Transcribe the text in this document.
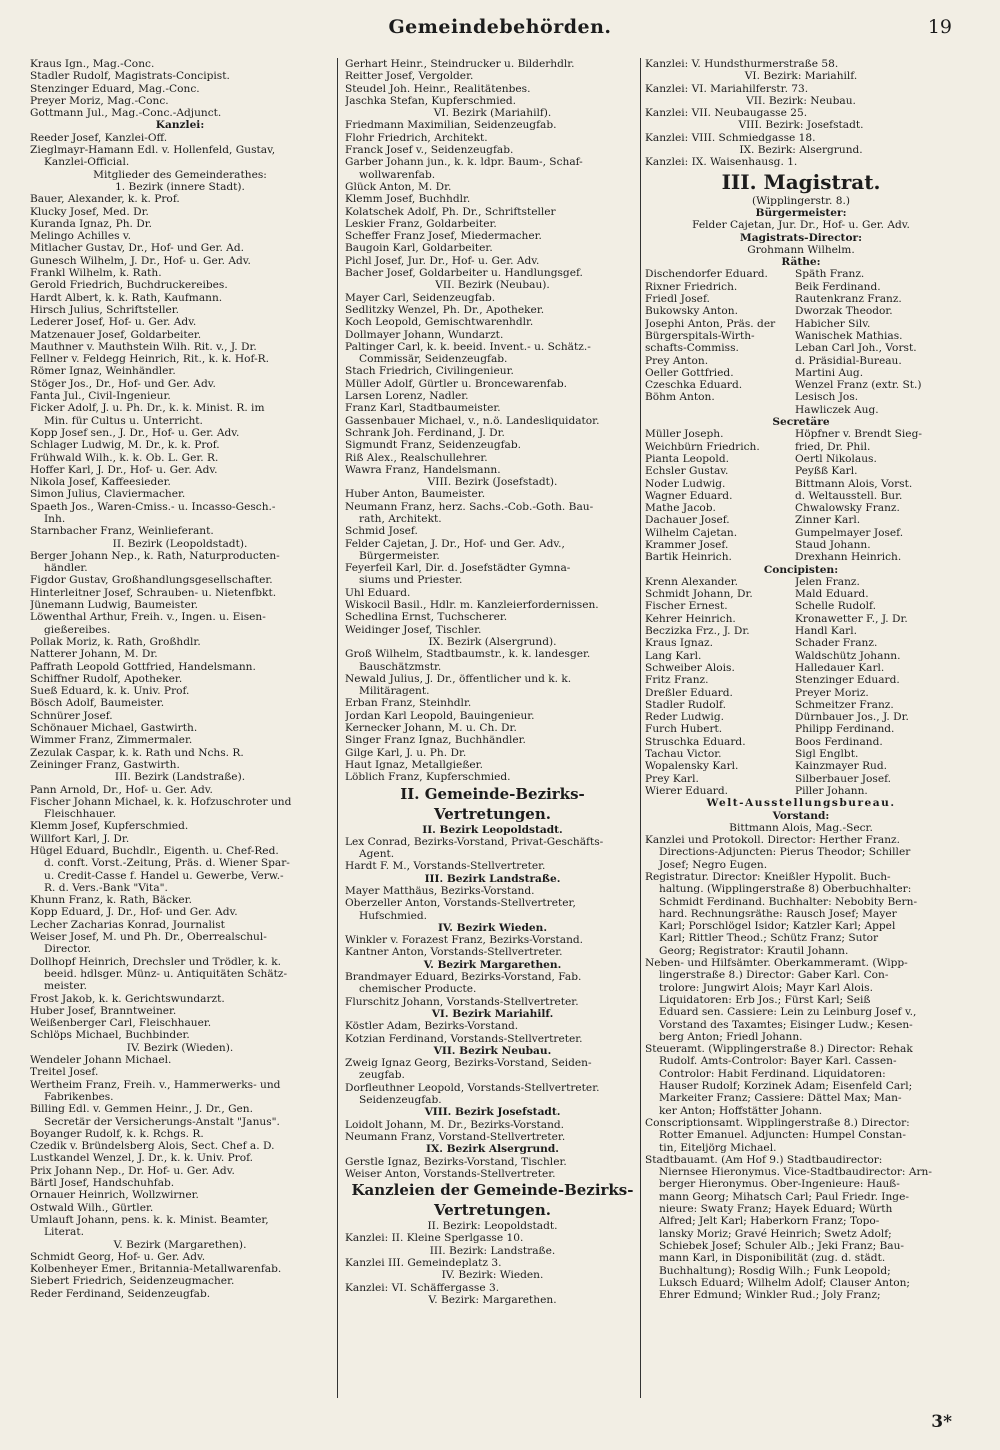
Gemeindebehörden.	19
Kraus Ign., Mag.-Conc.
Stadler Rudolf, Magistrats-Concipist.
Stenzinger Eduard, Mag.-Conc.
Preyer Moriz, Mag.-Conc.
Gottmann Jul., Mag.-Conc.-Adjunct.
Kanzlei:
Reeder Josef, Kanzlei-Off.
Zieglmayr-Hamann Edl. v. Hollenfeld, Gustav,
Kanzlei-Official.
Mitglieder des Gemeinderathes:
1. Bezirk (innere Stadt).
Bauer, Alexander, k. k. Prof.
Klucky Josef, Med. Dr.
Kuranda Ignaz, Ph. Dr.
Melingo Achilles v.
Mitlacher Gustav, Dr., Hof- und Ger. Ad.
Gunesch Wilhelm, J. Dr., Hof- u. Ger. Adv.
Frankl Wilhelm, k. Rath.
Gerold Friedrich, Buchdruckereibes.
Hardt Albert, k. k. Rath, Kaufmann.
Hirsch Julius, Schriftsteller.
Lederer Josef, Hof- u. Ger. Adv.
Matzenauer Josef, Goldarbeiter.
Mauthner v. Mauthstein Wilh. Rit. v., J. Dr.
Fellner v. Feldegg Heinrich, Rit., k. k. Hof-R.
Römer Ignaz, Weinhändler.
Stöger Jos., Dr., Hof- und Ger. Adv.
Fanta Jul., Civil-Ingenieur.
Ficker Adolf, J. u. Ph. Dr., k. k. Minist. R. im
Min. für Cultus u. Unterricht.
Kopp Josef sen., J. Dr., Hof- u. Ger. Adv.
Schlager Ludwig, M. Dr., k. k. Prof.
Frühwald Wilh., k. k. Ob. L. Ger. R.
Hoffer Karl, J. Dr., Hof- u. Ger. Adv.
Nikola Josef, Kaffeesieder.
Simon Julius, Claviermacher.
Spaeth Jos., Waren-Cmiss.- u. Incasso-Gesch.-
Inh.
Starnbacher Franz, Weinlieferant.
II. Bezirk (Leopoldstadt).
Berger Johann Nep., k. Rath, Naturproducten-
händler.
Figdor Gustav, Großhandlungsgesellschafter.
Hinterleitner Josef, Schrauben- u. Nietenfbkt.
Jünemann Ludwig, Baumeister.
Löwenthal Arthur, Freih. v., Ingen. u. Eisen-
gießereibes.
Pollak Moriz, k. Rath, Großhdlr.
Natterer Johann, M. Dr.
Paffrath Leopold Gottfried, Handelsmann.
Schiffner Rudolf, Apotheker.
Sueß Eduard, k. k. Univ. Prof.
Bösch Adolf, Baumeister.
Schnürer Josef.
Schönauer Michael, Gastwirth.
Wimmer Franz, Zimmermaler.
Zezulak Caspar, k. k. Rath und Nchs. R.
Zeininger Franz, Gastwirth.
III. Bezirk (Landstraße).
Pann Arnold, Dr., Hof- u. Ger. Adv.
Fischer Johann Michael, k. k. Hofzuschroter und
Fleischhauer.
Klemm Josef, Kupferschmied.
Willfort Karl, J. Dr.
Hügel Eduard, Buchdlr., Eigenth. u. Chef-Red.
d. conft. Vorst.-Zeitung, Präs. d. Wiener Spar-
u. Credit-Casse f. Handel u. Gewerbe, Verw.-
R. d. Vers.-Bank "Vita".
Khunn Franz, k. Rath, Bäcker.
Kopp Eduard, J. Dr., Hof- und Ger. Adv.
Lecher Zacharias Konrad, Journalist
Weiser Josef, M. und Ph. Dr., Oberrealschul-
Director.
Dollhopf Heinrich, Drechsler und Trödler, k. k.
beeid. hdlsger. Münz- u. Antiquitäten Schätz-
meister.
Frost Jakob, k. k. Gerichtswundarzt.
Huber Josef, Branntweiner.
Weißenberger Carl, Fleischhauer.
Schlöps Michael, Buchbinder.
IV. Bezirk (Wieden).
Wendeler Johann Michael.
Treitel Josef.
Wertheim Franz, Freih. v., Hammerwerks- und
Fabrikenbes.
Billing Edl. v. Gemmen Heinr., J. Dr., Gen.
Secretär der Versicherungs-Anstalt "Janus".
Boyanger Rudolf, k. k. Rchgs. R.
Czedik v. Bründelsberg Alois, Sect. Chef a. D.
Lustkandel Wenzel, J. Dr., k. k. Univ. Prof.
Prix Johann Nep., Dr. Hof- u. Ger. Adv.
Bärtl Josef, Handschuhfab.
Ornauer Heinrich, Wollzwirner.
Ostwald Wilh., Gürtler.
Umlauft Johann, pens. k. k. Minist. Beamter,
Literat.
V. Bezirk (Margarethen).
Schmidt Georg, Hof- u. Ger. Adv.
Kolbenheyer Emer., Britannia-Metallwarenfab.
Siebert Friedrich, Seidenzeugmacher.
Reder Ferdinand, Seidenzeugfab.
Gerhart Heinr., Steindrucker u. Bilderhdlr.
Reitter Josef, Vergolder.
Steudel Joh. Heinr., Realitätenbes.
Jaschka Stefan, Kupferschmied.
VI. Bezirk (Mariahilf).
Friedmann Maximilian, Seidenzeugfab.
Flohr Friedrich, Architekt.
Franck Josef v., Seidenzeugfab.
Garber Johann jun., k. k. ldpr. Baum-, Schaf-
wollwarenfab.
Glück Anton, M. Dr.
Klemm Josef, Buchhdlr.
Kolatschek Adolf, Ph. Dr., Schriftsteller
Leskier Franz, Goldarbeiter.
Scheffer Franz Josef, Miedermacher.
Baugoin Karl, Goldarbeiter.
Pichl Josef, Jur. Dr., Hof- u. Ger. Adv.
Bacher Josef, Goldarbeiter u. Handlungsgef.
VII. Bezirk (Neubau).
Mayer Carl, Seidenzeugfab.
Sedlitzky Wenzel, Ph. Dr., Apotheker.
Koch Leopold, Gemischtwarenhdlr.
Dollmayer Johann, Wundarzt.
Paltinger Carl, k. k. beeid. Invent.- u. Schätz.-
Commissär, Seidenzeugfab.
Stach Friedrich, Civilingenieur.
Müller Adolf, Gürtler u. Broncewarenfab.
Larsen Lorenz, Nadler.
Franz Karl, Stadtbaumeister.
Gassenbauer Michael, v., n.ö. Landesliquidator.
Schrank Joh. Ferdinand, J. Dr.
Sigmundt Franz, Seidenzeugfab.
Riß Alex., Realschullehrer.
Wawra Franz, Handelsmann.
VIII. Bezirk (Josefstadt).
Huber Anton, Baumeister.
Neumann Franz, herz. Sachs.-Cob.-Goth. Bau-
rath, Architekt.
Schmid Josef.
Felder Cajetan, J. Dr., Hof- und Ger. Adv.,
Bürgermeister.
Feyerfeil Karl, Dir. d. Josefstädter Gymna-
siums und Priester.
Uhl Eduard.
Wiskocil Basil., Hdlr. m. Kanzleierfordernissen.
Schedlina Ernst, Tuchscherer.
Weidinger Josef, Tischler.
IX. Bezirk (Alsergrund).
Groß Wilhelm, Stadtbaumstr., k. k. landesger.
Bauschätzmstr.
Newald Julius, J. Dr., öffentlicher und k. k.
Militäragent.
Erban Franz, Steinhdlr.
Jordan Karl Leopold, Bauingenieur.
Kernecker Johann, M. u. Ch. Dr.
Singer Franz Ignaz, Buchhändler.
Gilge Karl, J. u. Ph. Dr.
Haut Ignaz, Metallgießer.
Löblich Franz, Kupferschmied.
II. Gemeinde-Bezirks-Vertretungen.
II. Bezirk Leopoldstadt.
Lex Conrad, Bezirks-Vorstand, Privat-Geschäfts-
Agent.
Hardt F. M., Vorstands-Stellvertreter.
III. Bezirk Landstraße.
Mayer Matthäus, Bezirks-Vorstand.
Oberzeller Anton, Vorstands-Stellvertreter,
Hufschmied.
IV. Bezirk Wieden.
Winkler v. Forazest Franz, Bezirks-Vorstand.
Kantner Anton, Vorstands-Stellvertreter.
V. Bezirk Margarethen.
Brandmayer Eduard, Bezirks-Vorstand, Fab.
chemischer Producte.
Flurschitz Johann, Vorstands-Stellvertreter.
VI. Bezirk Mariahilf.
Köstler Adam, Bezirks-Vorstand.
Kotzian Ferdinand, Vorstands-Stellvertreter.
VII. Bezirk Neubau.
Zweig Ignaz Georg, Bezirks-Vorstand, Seiden-
zeugfab.
Dorfleuthner Leopold, Vorstands-Stellvertreter.
Seidenzeugfab.
VIII. Bezirk Josefstadt.
Loidolt Johann, M. Dr., Bezirks-Vorstand.
Neumann Franz, Vorstand-Stellvertreter.
IX. Bezirk Alsergrund.
Gerstle Ignaz, Bezirks-Vorstand, Tischler.
Weiser Anton, Vorstands-Stellvertreter.
Kanzleien der Gemeinde-Bezirks-
Vertretungen.
II. Bezirk: Leopoldstadt.
Kanzlei: II. Kleine Sperlgasse 10.
III. Bezirk: Landstraße.
Kanzlei III. Gemeindeplatz 3.
IV. Bezirk: Wieden.
Kanzlei: VI. Schäffergasse 3.
V. Bezirk: Margarethen.
Kanzlei: V. Hundsthurmerstraße 58.
VI. Bezirk: Mariahilf.
Kanzlei: VI. Mariahilferstr. 73.
VII. Bezirk: Neubau.
Kanzlei: VII. Neubaugasse 25.
VIII. Bezirk: Josefstadt.
Kanzlei: VIII. Schmiedgasse 18.
IX. Bezirk: Alsergrund.
Kanzlei: IX. Waisenhausg. 1.
III. Magistrat.
(Wipplingerstr. 8.)
Bürgermeister:
Felder Cajetan, Jur. Dr., Hof- u. Ger. Adv.
Magistrats-Director:
Grohmann Wilhelm.
Räthe:
Dischendorfer Eduard.	Späth Franz.
Rixner Friedrich.	Beik Ferdinand.
Friedl Josef.	Rautenkranz Franz.
Bukowsky Anton.	Dworzak Theodor.
Josephi Anton, Präs. der	Habicher Silv.
Bürgerspitals-Wirth-	Wanischek Mathias.
schafts-Commiss.	Leban Carl Joh., Vorst.
Prey Anton.	d. Präsidial-Bureau.
Oeller Gottfried.	Martini Aug.
Czeschka Eduard.	Wenzel Franz (extr. St.)
Böhm Anton.	Lesisch Jos.
Hawliczek Aug.
Secretäre
Müller Joseph.	Höpfner v. Brendt Sieg-
Weichbürn Friedrich.	fried, Dr. Phil.
Pianta Leopold.	Oertl Nikolaus.
Echsler Gustav.	Peyßß Karl.
Noder Ludwig.	Bittmann Alois, Vorst.
Wagner Eduard.	d. Weltausstell. Bur.
Mathe Jacob.	Chwalowsky Franz.
Dachauer Josef.	Zinner Karl.
Wilhelm Cajetan.	Gumpelmayer Josef.
Krammer Josef.	Staud Johann.
Bartik Heinrich.	Drexhann Heinrich.
Concipisten:
Krenn Alexander.	Jelen Franz.
Schmidt Johann, Dr.	Mald Eduard.
Fischer Ernest.	Schelle Rudolf.
Kehrer Heinrich.	Kronawetter F., J. Dr.
Beczizka Frz., J. Dr.	Handl Karl.
Kraus Ignaz.	Schader Franz.
Lang Karl.	Waldschütz Johann.
Schweiber Alois.	Halledauer Karl.
Fritz Franz.	Stenzinger Eduard.
Dreßler Eduard.	Preyer Moriz.
Stadler Rudolf.	Schmeitzer Franz.
Reder Ludwig.	Dürnbauer Jos., J. Dr.
Furch Hubert.	Philipp Ferdinand.
Struschka Eduard.	Boos Ferdinand.
Tachau Victor.	Sigl Englbt.
Wopalensky Karl.	Kainzmayer Rud.
Prey Karl.	Silberbauer Josef.
Wierer Eduard.	Piller Johann.
Welt-Ausstellungsbureau.
Vorstand:
Bittmann Alois, Mag.-Secr.
Kanzlei und Protokoll. Director: Herther Franz.
Directions-Adjuncten: Pierus Theodor; Schiller
Josef; Negro Eugen.
Registratur. Director: Kneißler Hypolit. Buch-
haltung. (Wipplingerstraße 8) Oberbuchhalter:
Schmidt Ferdinand. Buchhalter: Nebobity Bern-
hard. Rechnungsräthe: Rausch Josef; Mayer
Karl; Porschlögel Isidor; Katzler Karl; Appel
Karl; Rittler Theod.; Schütz Franz; Sutor
Georg; Registrator: Krautil Johann.
Neben- und Hilfsämter. Oberkammeramt. (Wipp-
lingerstraße 8.) Director: Gaber Karl. Con-
trolore: Jungwirt Alois; Mayr Karl Alois.
Liquidatoren: Erb Jos.; Fürst Karl; Seiß
Eduard sen. Cassiere: Lein zu Leinburg Josef v.,
Vorstand des Taxamtes; Eisinger Ludw.; Kesen-
berg Anton; Friedl Johann.
Steueramt. (Wipplingerstraße 8.) Director: Rehak
Rudolf. Amts-Controlor: Bayer Karl. Cassen-
Controlor: Habit Ferdinand. Liquidatoren:
Hauser Rudolf; Korzinek Adam; Eisenfeld Carl;
Markeiter Franz; Cassiere: Dättel Max; Man-
ker Anton; Hoffstätter Johann.
Conscriptionsamt. Wipplingerstraße 8.) Director:
Rotter Emanuel. Adjuncten: Humpel Constan-
tin, Eiteljörg Michael.
Stadtbauamt. (Am Hof 9.) Stadtbaudirector:
Niernsee Hieronymus. Vice-Stadtbaudirector: Arn-
berger Hieronymus. Ober-Ingenieure: Hauß-
mann Georg; Mihatsch Carl; Paul Friedr. Inge-
nieure: Swaty Franz; Hayek Eduard; Würth
Alfred; Jelt Karl; Haberkorn Franz; Topo-
lansky Moriz; Gravé Heinrich; Swetz Adolf;
Schiebek Josef; Schuler Alb.; Jeki Franz; Bau-
mann Karl, in Disponibilität (zug. d. städt.
Buchhaltung); Rosdig Wilh.; Funk Leopold;
Luksch Eduard; Wilhelm Adolf; Clauser Anton;
Ehrer Edmund; Winkler Rud.; Joly Franz;
3*
